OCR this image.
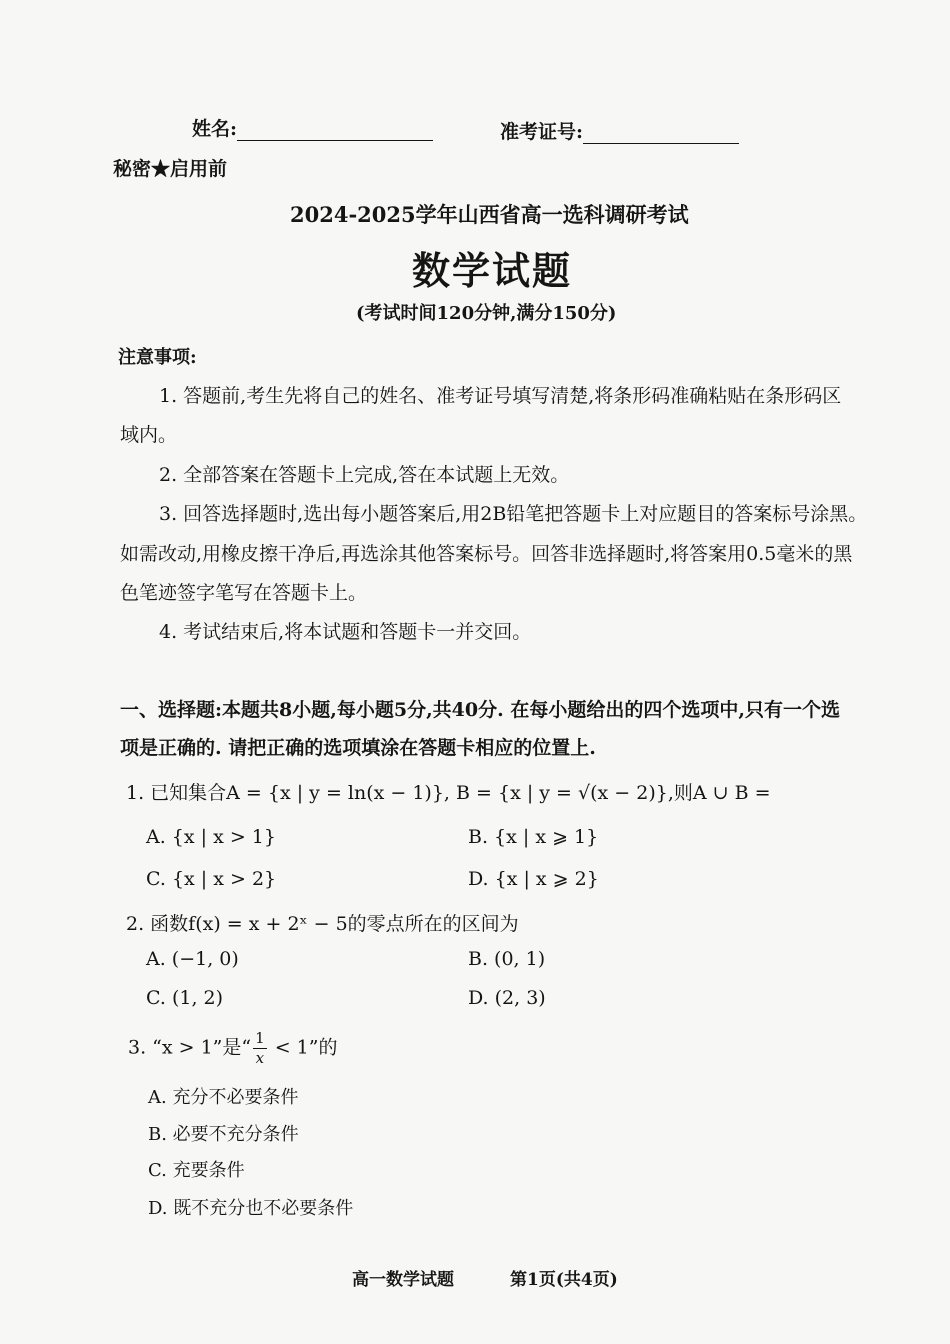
姓名:	准考证号:
秘密★启用前
2024-2025学年山西省高一选科调研考试
数学试题
(考试时间120分钟,满分150分)
注意事项:
1. 答题前,考生先将自己的姓名、准考证号填写清楚,将条形码准确粘贴在条形码区
域内。
2. 全部答案在答题卡上完成,答在本试题上无效。
3. 回答选择题时,选出每小题答案后,用2B铅笔把答题卡上对应题目的答案标号涂黑。
如需改动,用橡皮擦干净后,再选涂其他答案标号。回答非选择题时,将答案用0.5毫米的黑
色笔迹签字笔写在答题卡上。
4. 考试结束后,将本试题和答题卡一并交回。
一、选择题:本题共8小题,每小题5分,共40分. 在每小题给出的四个选项中,只有一个选
项是正确的. 请把正确的选项填涂在答题卡相应的位置上.
1. 已知集合A = {x | y = ln(x − 1)}, B = {x | y = √(x − 2)},则A ∪ B =
A. {x | x > 1}	B. {x | x ⩾ 1}
C. {x | x > 2}	D. {x | x ⩾ 2}
2. 函数f(x) = x + 2ˣ − 5的零点所在的区间为
A. (−1, 0)	B. (0, 1)
C. (1, 2)	D. (2, 3)
3. “x > 1”是“ $\frac{1}{x} < 1$”的
A. 充分不必要条件
B. 必要不充分条件
C. 充要条件
D. 既不充分也不必要条件
高一数学试题	第1页(共4页)
